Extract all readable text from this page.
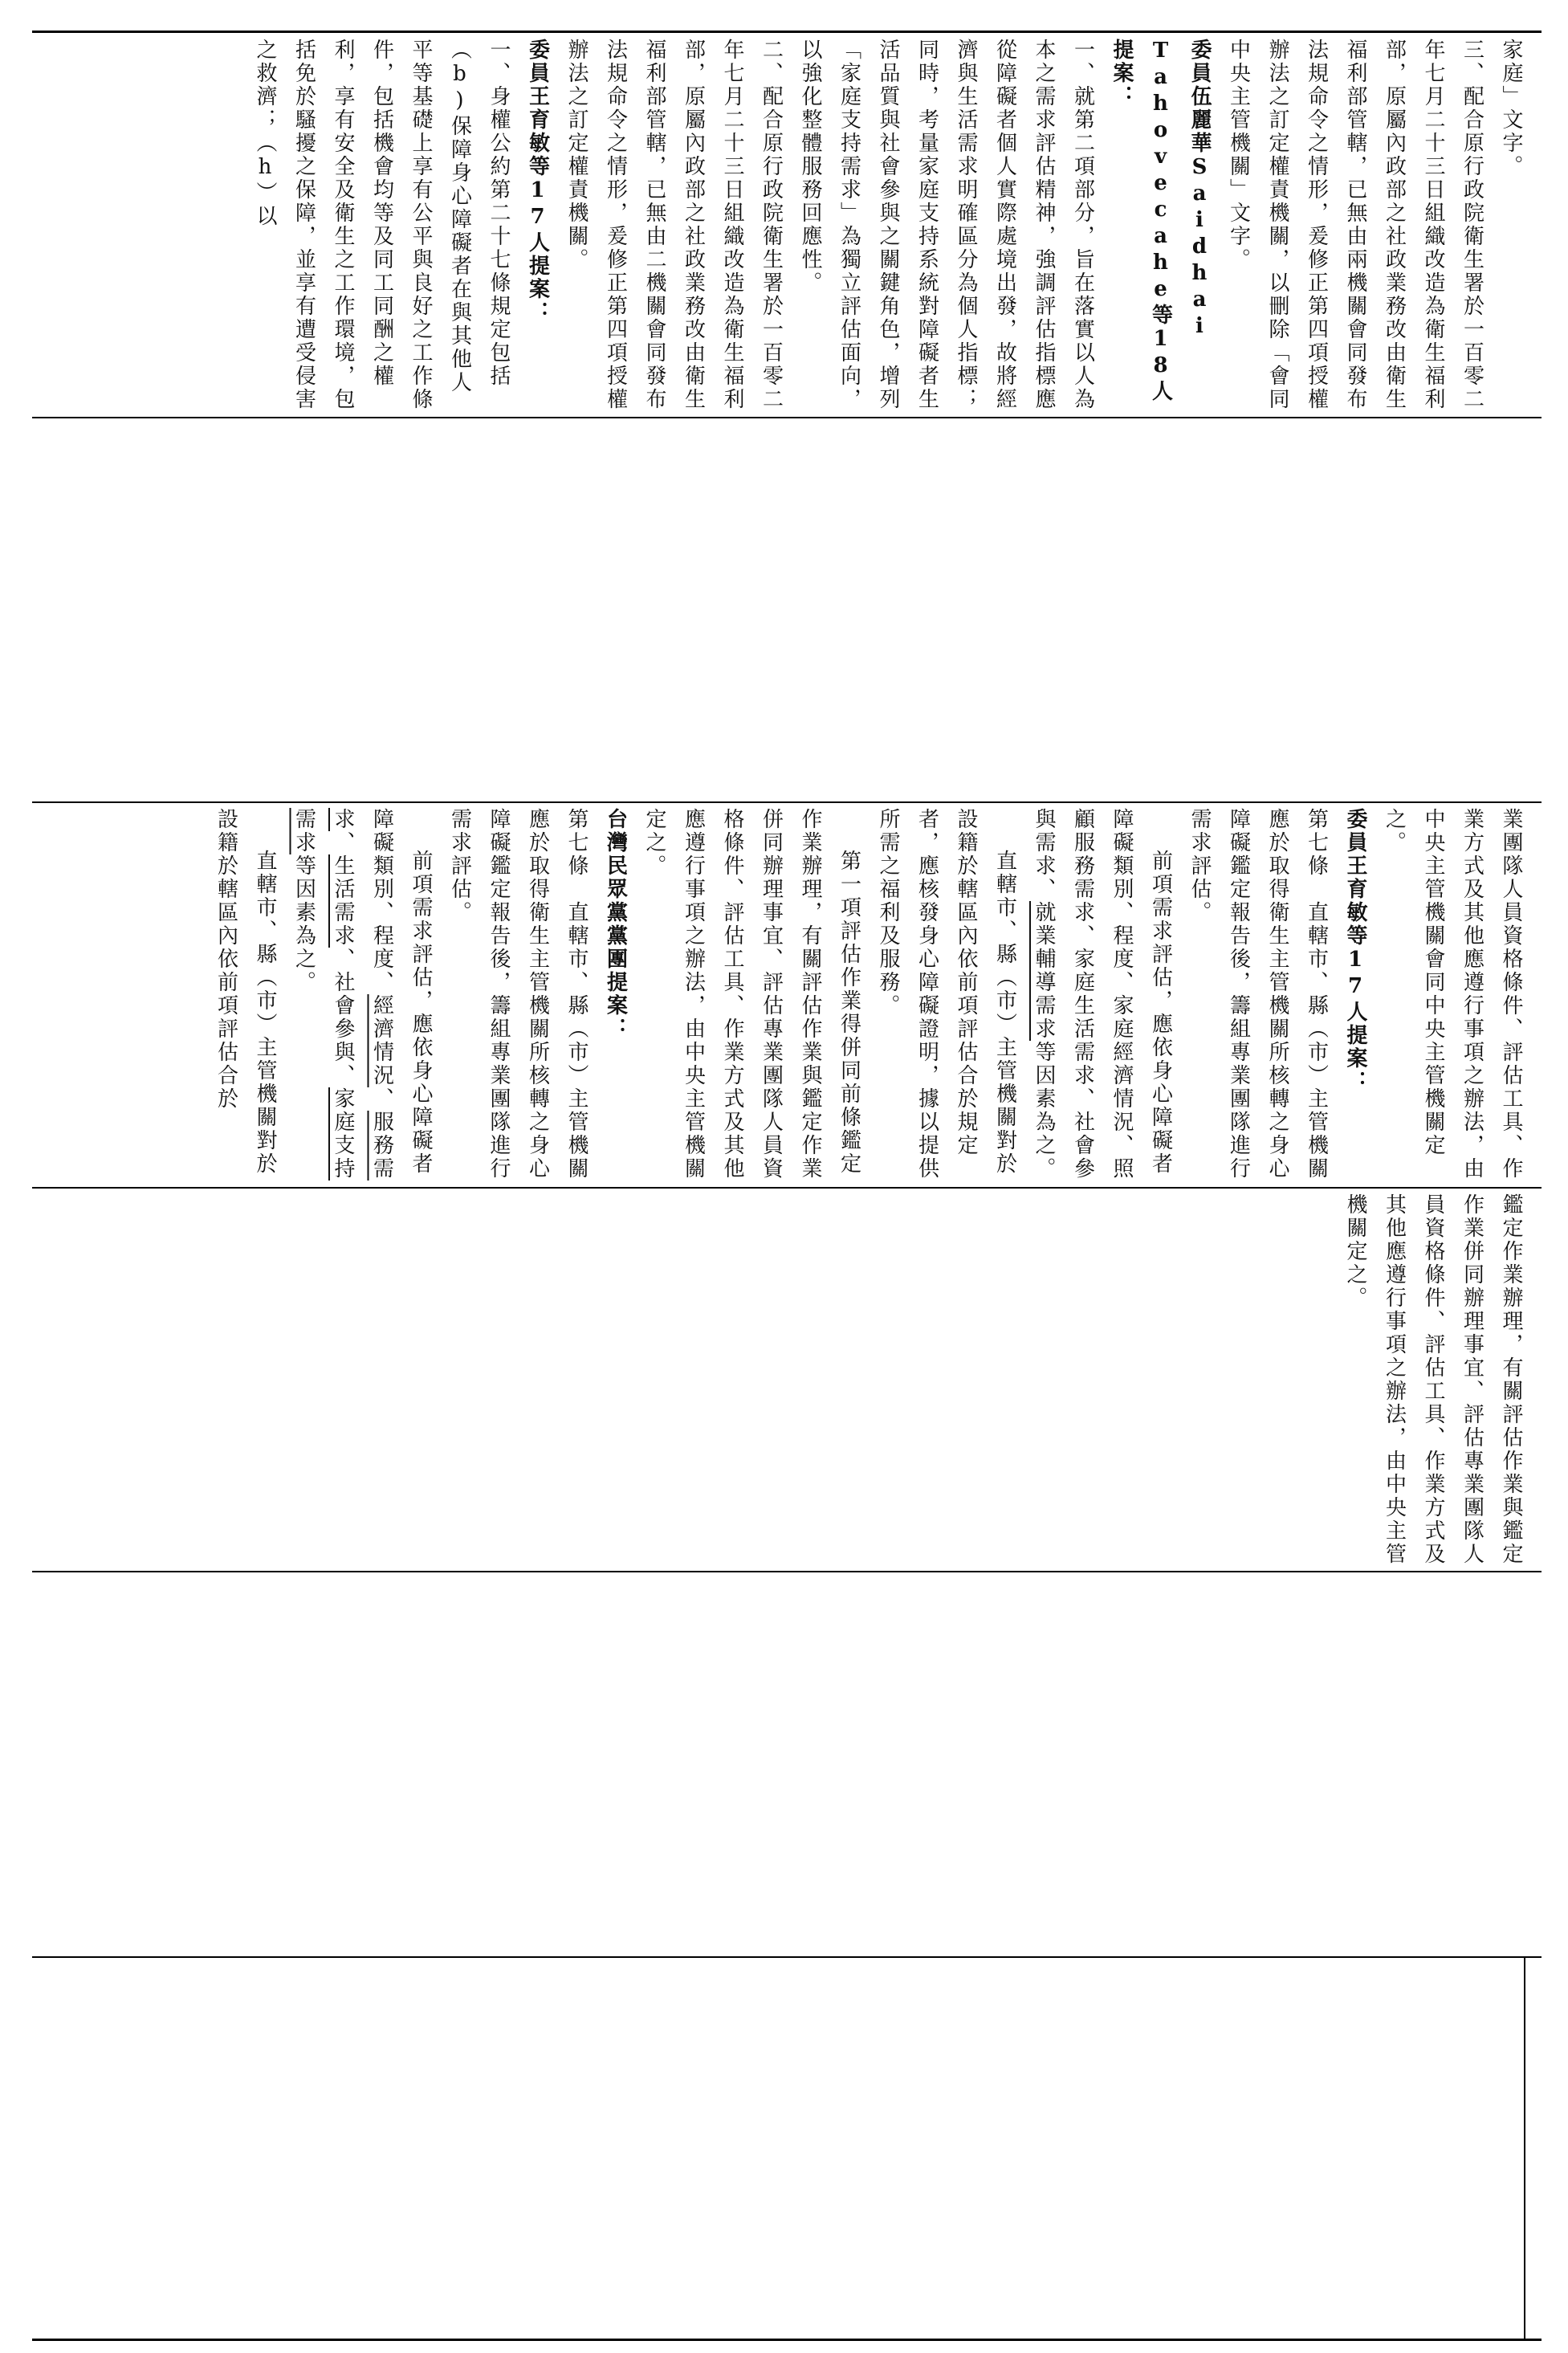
家庭」文字。

三、配合原行政院衛生署於一百零二年七月二十三日組織改造為衛生福利部，原屬內政部之社政業務改由衛生福利部管轄，已無由兩機關會同發布法規命令之情形，爰修正第四項授權辦法之訂定權責機關，以刪除「會同中央主管機關」文字。

委員伍麗華Saidhai Tahovecahe等18人提案：

一、就第二項部分，旨在落實以人為本之需求評估精神，強調評估指標應從障礙者個人實際處境出發，故將經濟與生活需求明確區分為個人指標；同時，考量家庭支持系統對障礙者生活品質與社會參與之關鍵角色，增列「家庭支持需求」為獨立評估面向，以強化整體服務回應性。

二、配合原行政院衛生署於一百零二年七月二十三日組織改造為衛生福利部，原屬內政部之社政業務改由衛生福利部管轄，已無由二機關會同發布法規命令之情形，爰修正第四項授權辦法之訂定權責機關。

委員王育敏等17人提案：

一、身權公約第二十七條規定包括（b)保障身心障礙者在與其他人平等基礎上享有公平與良好之工作條件，包括機會均等及同工同酬之權利，享有安全及衛生之工作環境，包括免於騷擾之保障，並享有遭受侵害之救濟；（h）以

業團隊人員資格條件、評估工具、作業方式及其他應遵行事項之辦法，由中央主管機關會同中央主管機關定之。

委員王育敏等17人提案：

第七條　直轄市、縣（市）主管機關應於取得衛生主管機關所核轉之身心障礙鑑定報告後，籌組專業團隊進行需求評估。

前項需求評估，應依身心障礙者障礙類別、程度、家庭經濟情況、照顧服務需求、家庭生活需求、社會參與需求、就業輔導需求等因素為之。

直轄市、縣（市）主管機關對於設籍於轄區內依前項評估合於規定者，應核發身心障礙證明，據以提供所需之福利及服務。

第一項評估作業得併同前條鑑定作業辦理，有關評估作業與鑑定作業併同辦理事宜、評估專業團隊人員資格條件、評估工具、作業方式及其他應遵行事項之辦法，由中央主管機關定之。

台灣民眾黨黨團提案：

第七條　直轄市、縣（市）主管機關應於取得衛生主管機關所核轉之身心障礙鑑定報告後，籌組專業團隊進行需求評估。

前項需求評估，應依身心障礙者障礙類別、程度、經濟情況、服務需求、生活需求、社會參與、家庭支持需求等因素為之。

直轄市、縣（市）主管機關對於設籍於轄區內依前項評估合於

鑑定作業辦理，有關評估作業與鑑定作業併同辦理事宜、評估專業團隊人員資格條件、評估工具、作業方式及其他應遵行事項之辦法，由中央主管機關定之。
